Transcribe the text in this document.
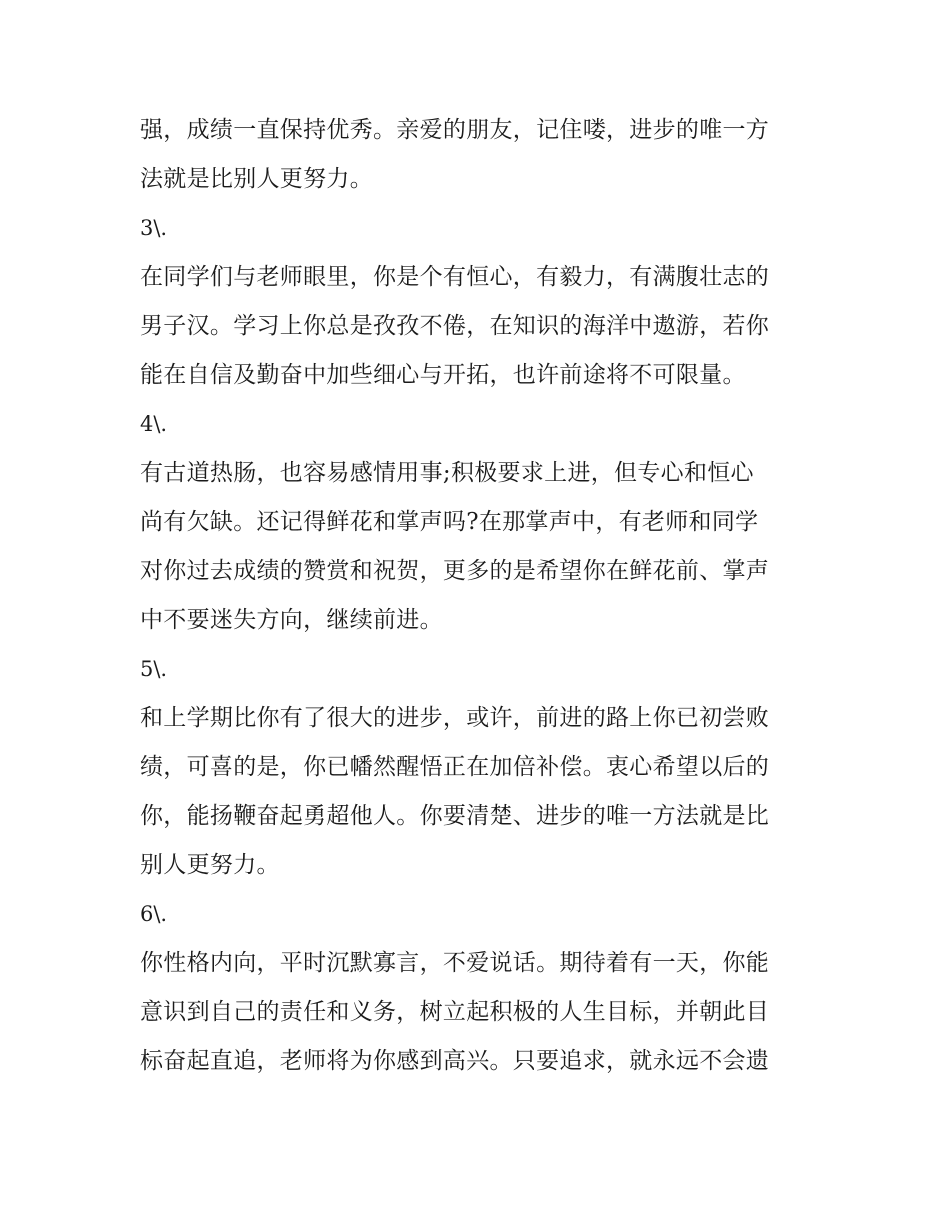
强，成绩一直保持优秀。亲爱的朋友，记住喽，进步的唯一方
法就是比别人更努力。
3\.
在同学们与老师眼里，你是个有恒心，有毅力，有满腹壮志的
男子汉。学习上你总是孜孜不倦，在知识的海洋中遨游，若你
能在自信及勤奋中加些细心与开拓，也许前途将不可限量。
4\.
有古道热肠，也容易感情用事;积极要求上进，但专心和恒心
尚有欠缺。还记得鲜花和掌声吗?在那掌声中，有老师和同学
对你过去成绩的赞赏和祝贺，更多的是希望你在鲜花前、掌声
中不要迷失方向，继续前进。
5\.
和上学期比你有了很大的进步，或许，前进的路上你已初尝败
绩，可喜的是，你已幡然醒悟正在加倍补偿。衷心希望以后的
你，能扬鞭奋起勇超他人。你要清楚、进步的唯一方法就是比
别人更努力。
6\.
你性格内向，平时沉默寡言，不爱说话。期待着有一天，你能
意识到自己的责任和义务，树立起积极的人生目标，并朝此目
标奋起直追，老师将为你感到高兴。只要追求，就永远不会遗
